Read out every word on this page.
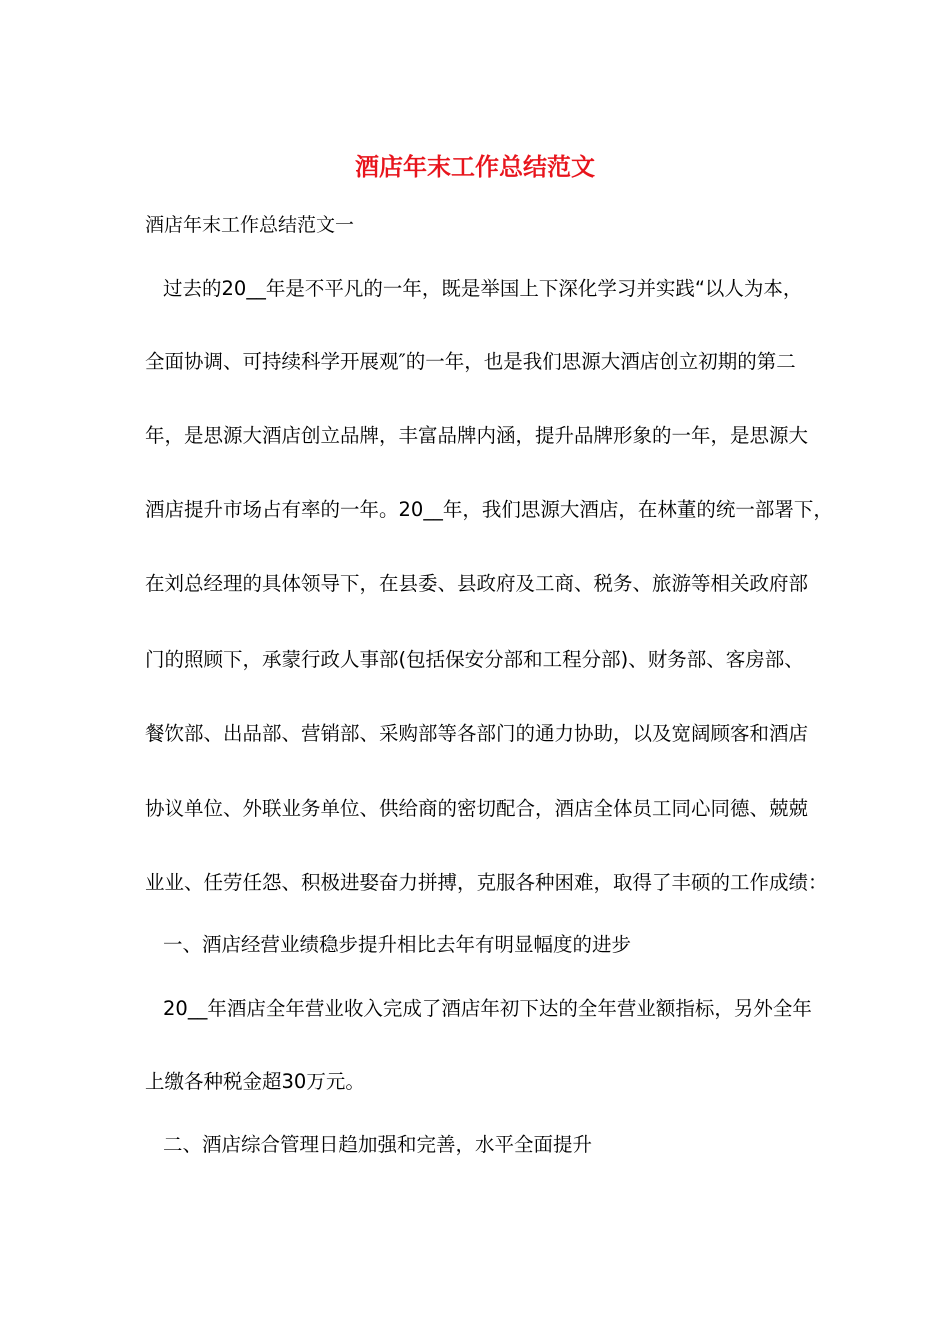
酒店年末工作总结范文
酒店年末工作总结范文一
过去的20__年是不平凡的一年，既是举国上下深化学习并实践“以人为本，
全面协调、可持续科学开展观″的一年，也是我们思源大酒店创立初期的第二
年，是思源大酒店创立品牌，丰富品牌内涵，提升品牌形象的一年，是思源大
酒店提升市场占有率的一年。20__年，我们思源大酒店，在林董的统一部署下，
在刘总经理的具体领导下，在县委、县政府及工商、税务、旅游等相关政府部
门的照顾下，承蒙行政人事部(包括保安分部和工程分部)、财务部、客房部、
餐饮部、出品部、营销部、采购部等各部门的通力协助，以及宽阔顾客和酒店
协议单位、外联业务单位、供给商的密切配合，酒店全体员工同心同德、兢兢
业业、任劳任怨、积极进娶奋力拼搏，克服各种困难，取得了丰硕的工作成绩：
一、酒店经营业绩稳步提升相比去年有明显幅度的进步
20__年酒店全年营业收入完成了酒店年初下达的全年营业额指标，另外全年
上缴各种税金超30万元。
二、酒店综合管理日趋加强和完善，水平全面提升
